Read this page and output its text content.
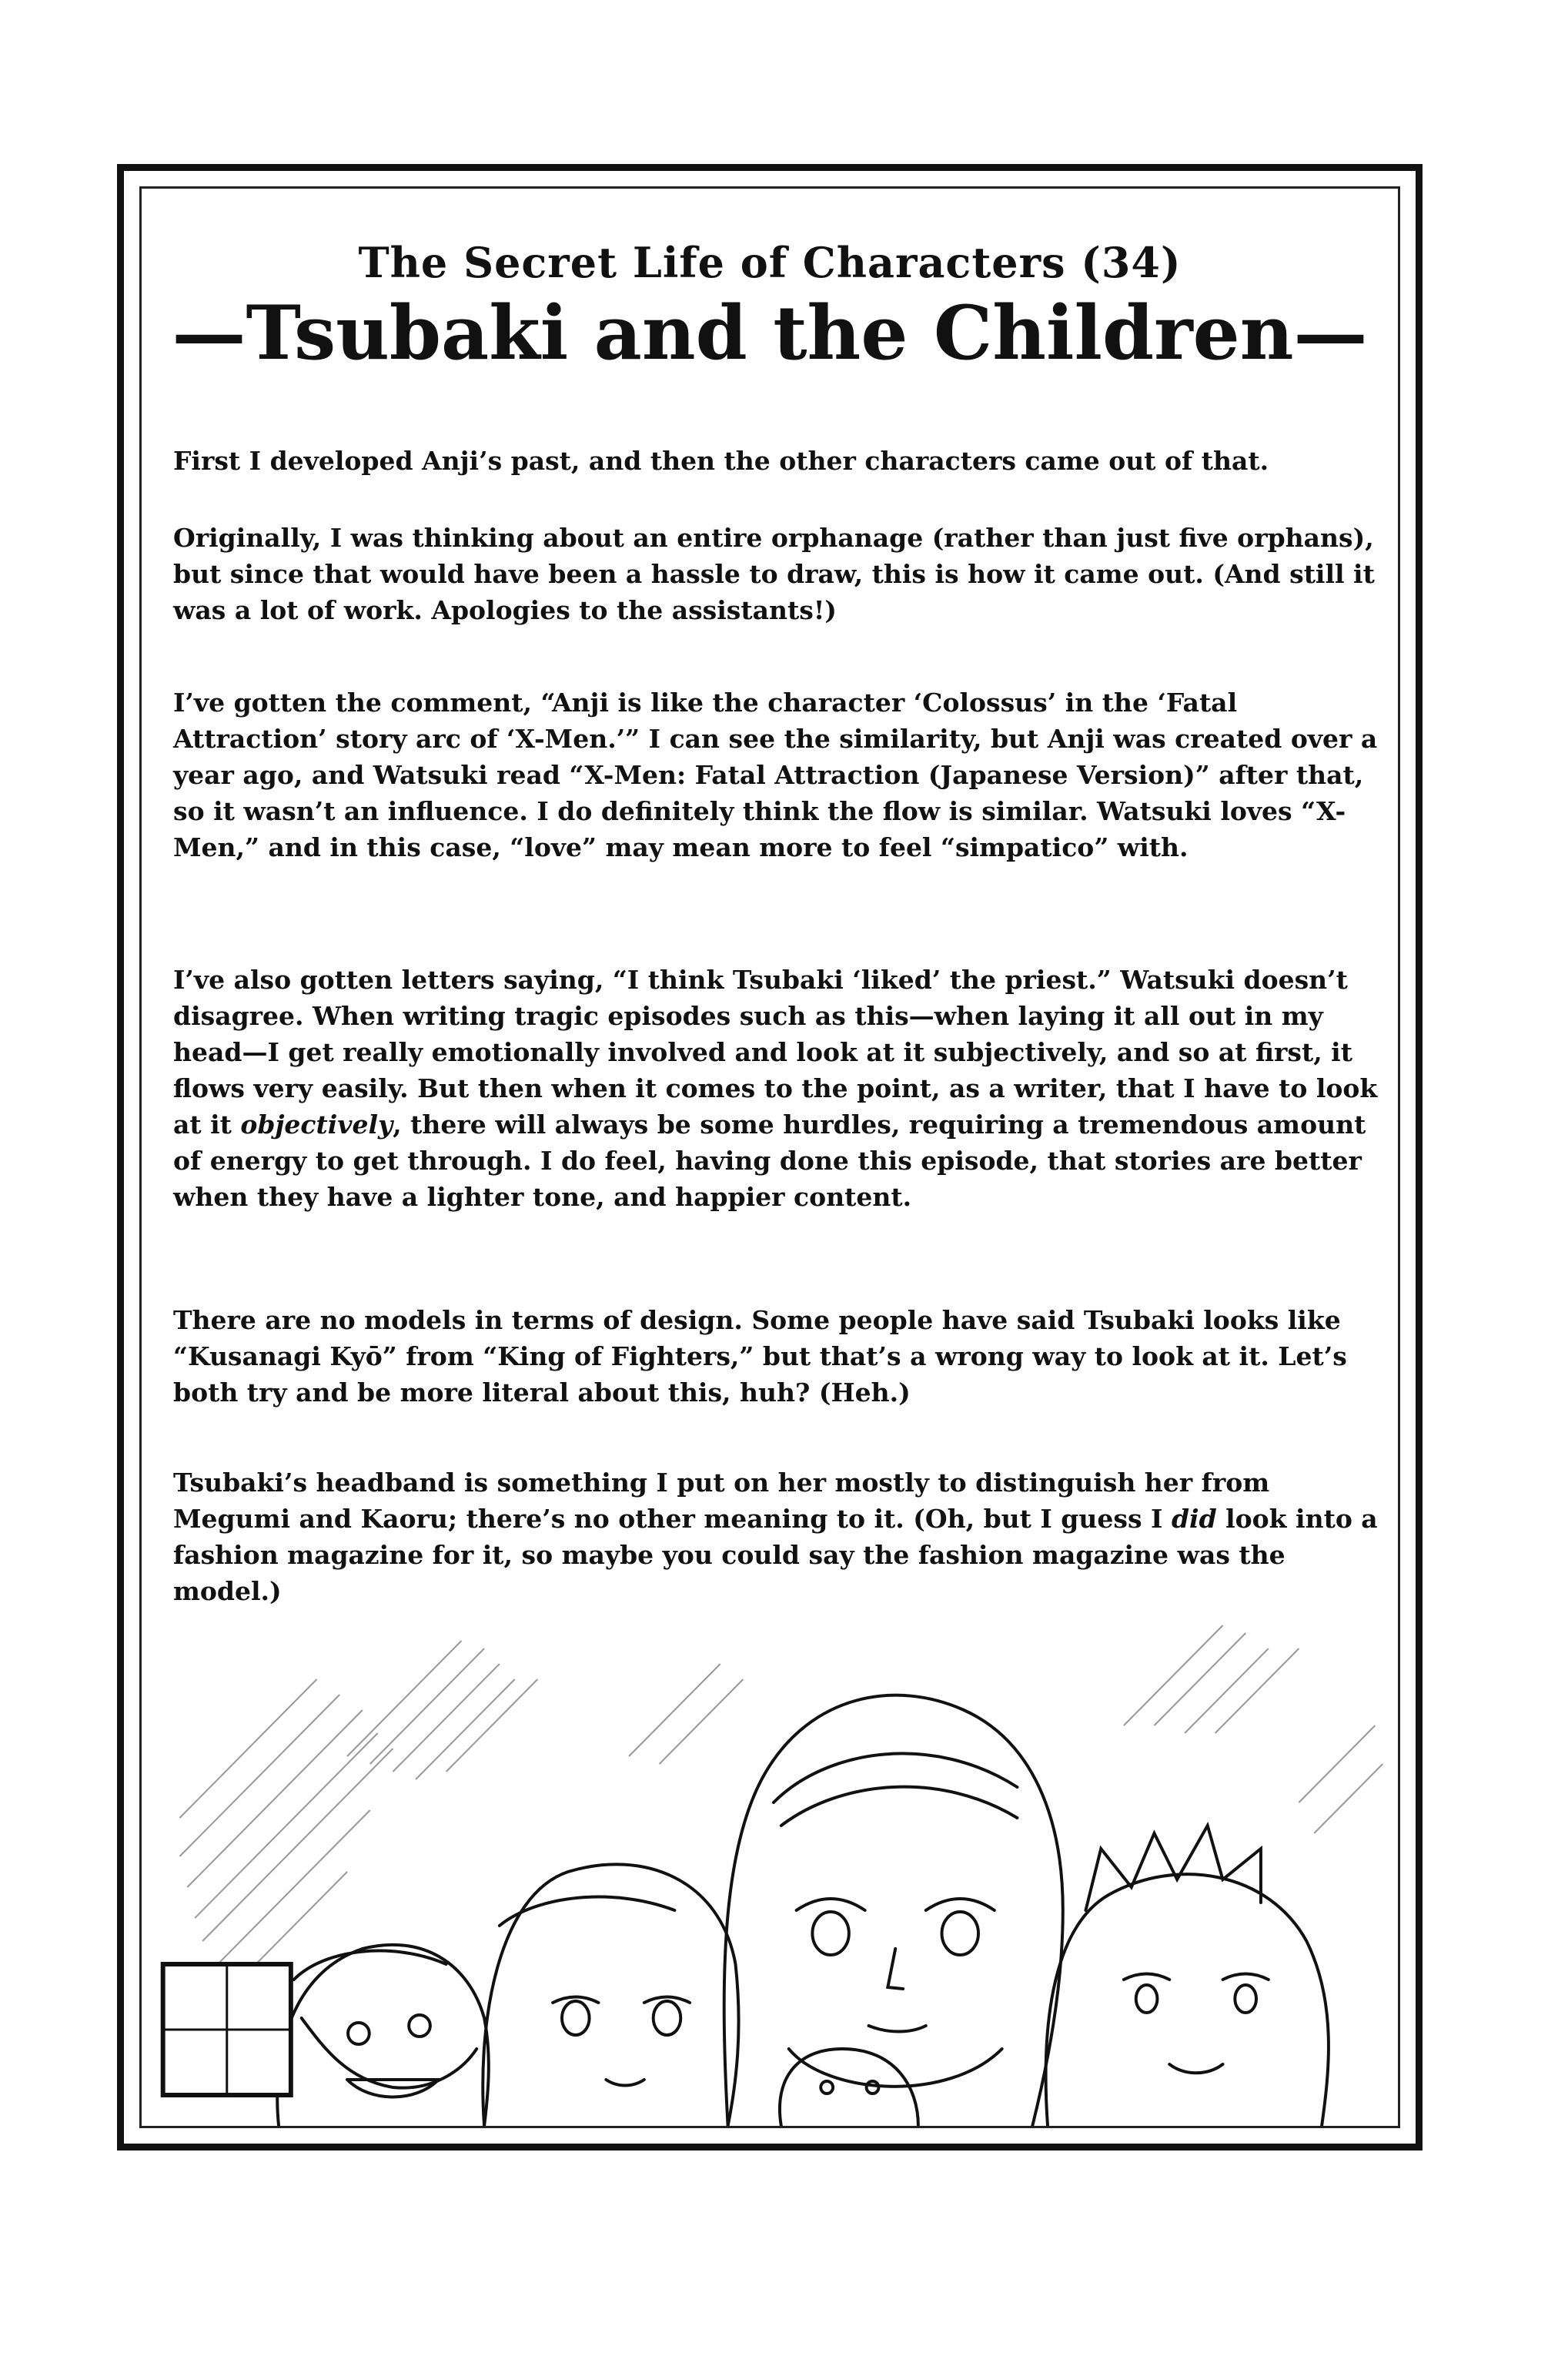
The Secret Life of Characters (34)
—Tsubaki and the Children—

First I developed Anji’s past, and then the other characters came out of that.

Originally, I was thinking about an entire orphanage (rather than just five orphans), but since that would have been a hassle to draw, this is how it came out. (And still it was a lot of work. Apologies to the assistants!)

I’ve gotten the comment, “Anji is like the character ‘Colossus’ in the ‘Fatal Attraction’ story arc of ‘X-Men.’” I can see the similarity, but Anji was created over a year ago, and Watsuki read “X-Men: Fatal Attraction (Japanese Version)” after that, so it wasn’t an influence. I do definitely think the flow is similar. Watsuki loves “X-Men,” and in this case, “love” may mean more to feel “simpatico” with.

I’ve also gotten letters saying, “I think Tsubaki ‘liked’ the priest.” Watsuki doesn’t disagree. When writing tragic episodes such as this—when laying it all out in my head—I get really emotionally involved and look at it subjectively, and so at first, it flows very easily. But then when it comes to the point, as a writer, that I have to look at it objectively, there will always be some hurdles, requiring a tremendous amount of energy to get through. I do feel, having done this episode, that stories are better when they have a lighter tone, and happier content.

There are no models in terms of design. Some people have said Tsubaki looks like “Kusanagi Kyō” from “King of Fighters,” but that’s a wrong way to look at it. Let’s both try and be more literal about this, huh? (Heh.)

Tsubaki’s headband is something I put on her mostly to distinguish her from Megumi and Kaoru; there’s no other meaning to it. (Oh, but I guess I did look into a fashion magazine for it, so maybe you could say the fashion magazine was the model.)
